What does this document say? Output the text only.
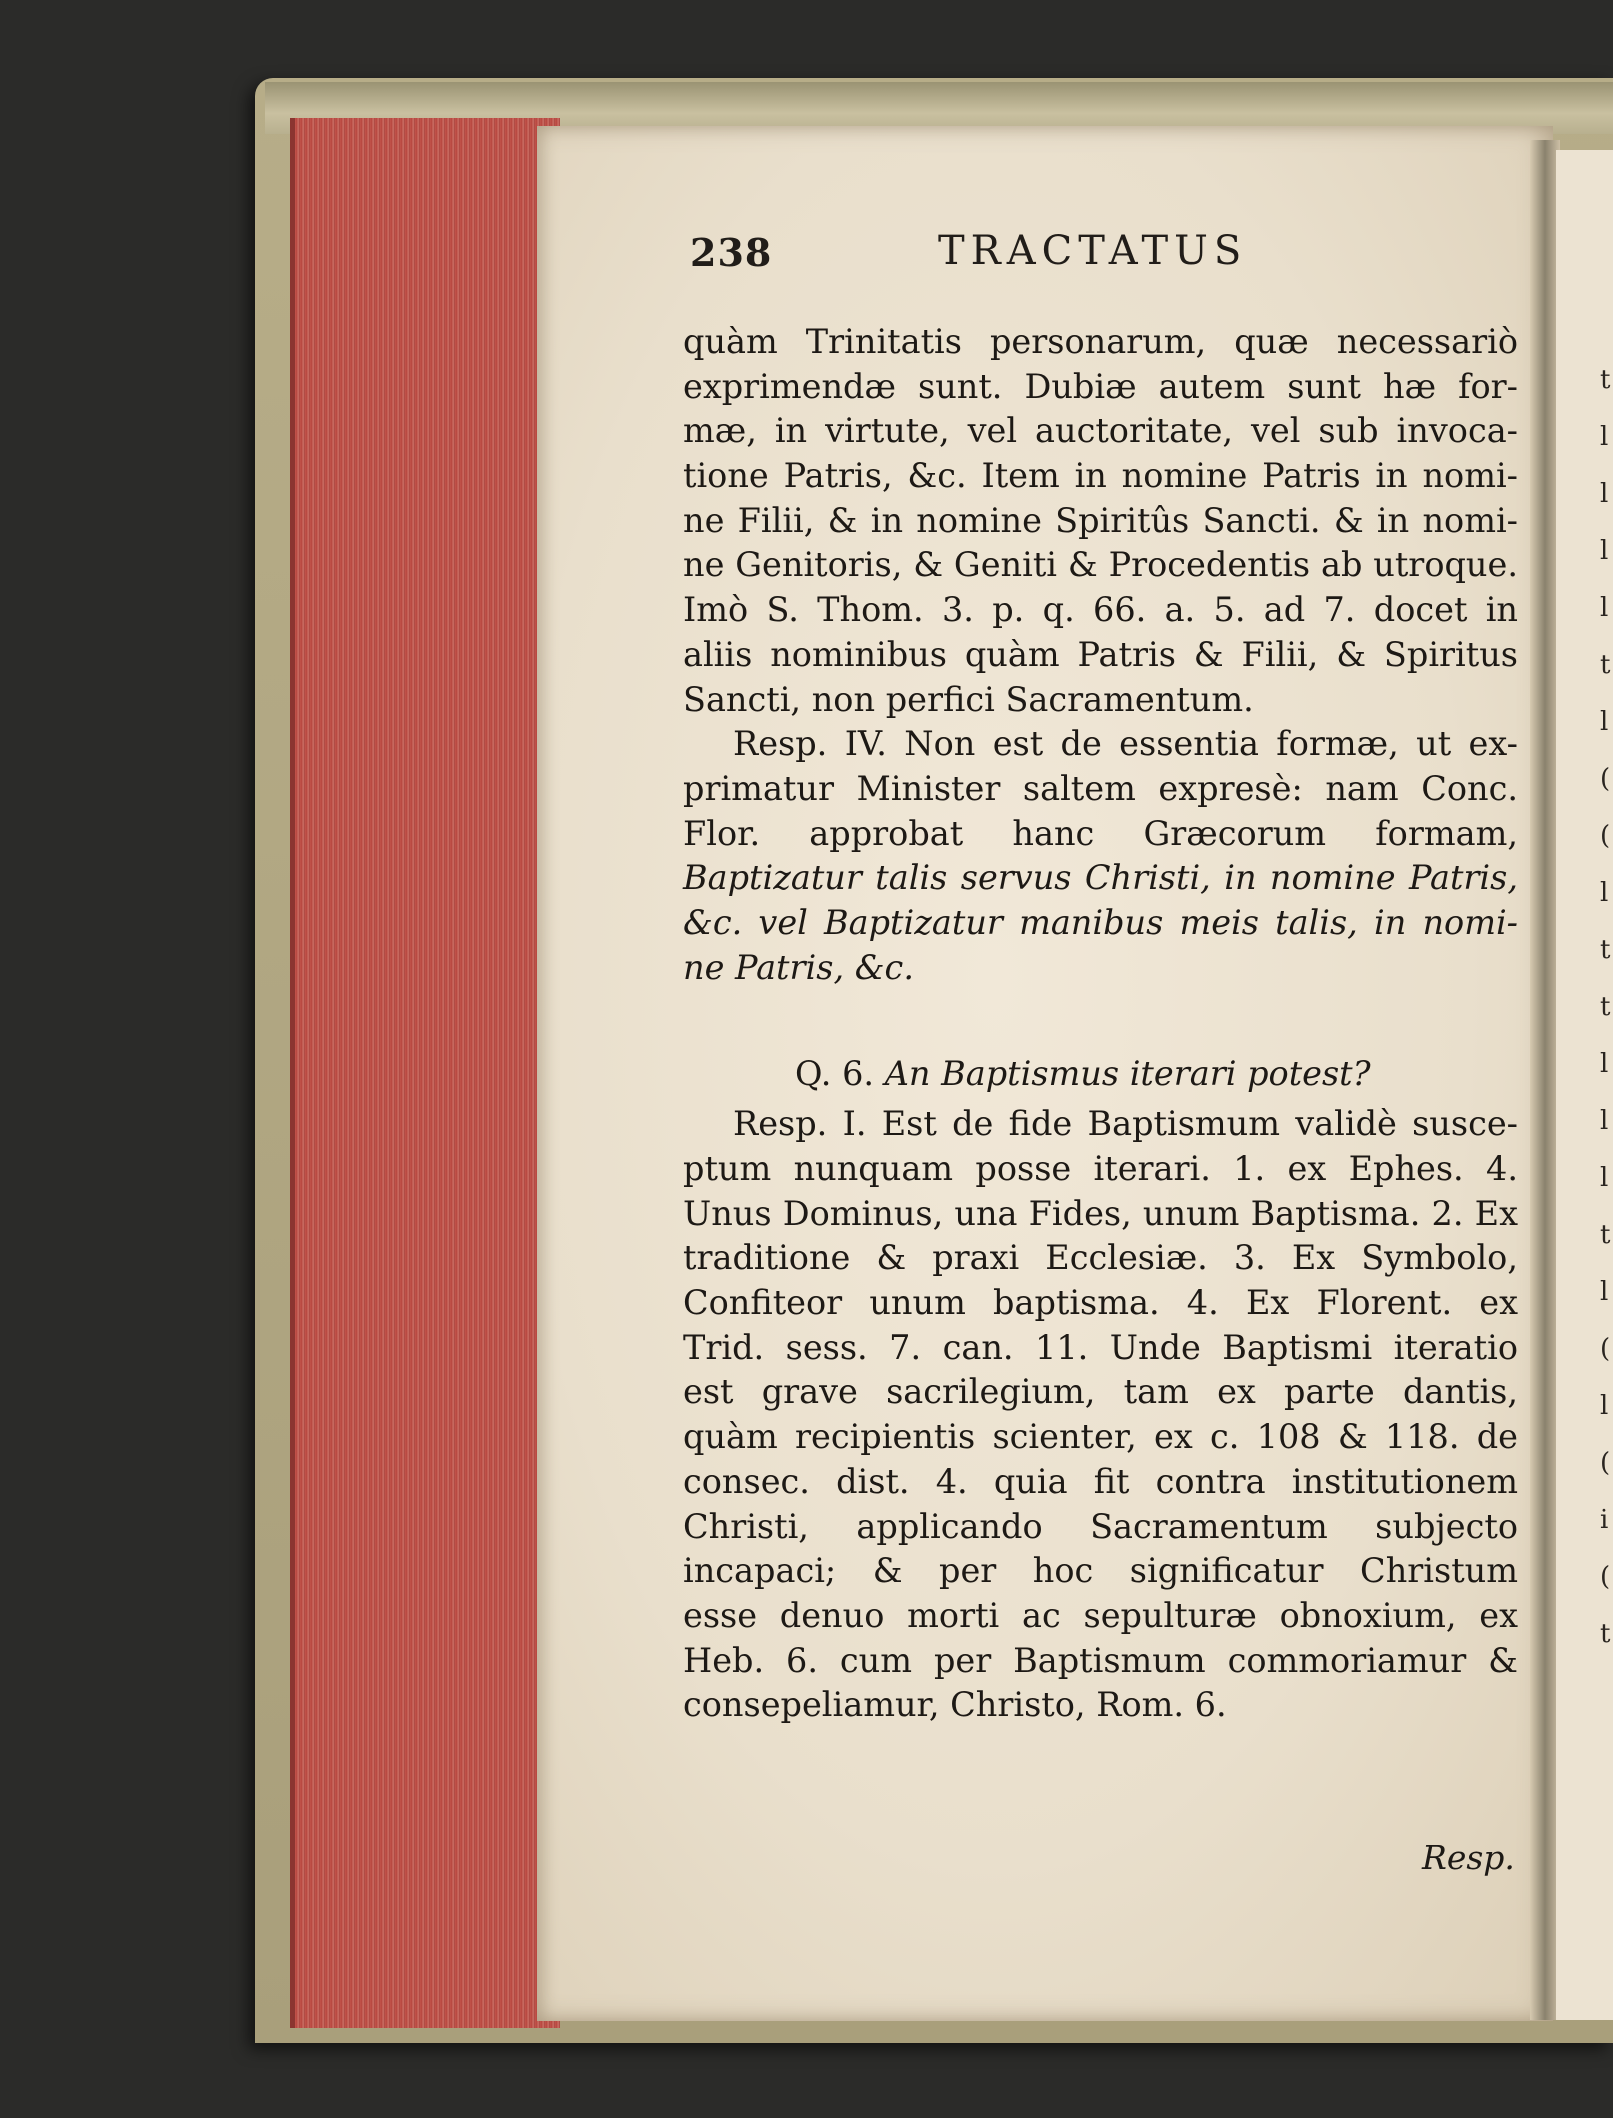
t
l
l
l
l
t
l
(
(
l
t
t
l
l
l
t
l
(
l
(
i
(
t
238	TRACTATUS
quàm Trinitatis personarum, quæ necessariò
exprimendæ sunt. Dubiæ autem sunt hæ for-
mæ, in virtute, vel auctoritate, vel sub invoca-
tione Patris, &c. Item in nomine Patris in nomi-
ne Filii, & in nomine Spiritûs Sancti. & in nomi-
ne Genitoris, & Geniti & Procedentis ab utroque.
Imò S. Thom. 3. p. q. 66. a. 5. ad 7. docet in
aliis nominibus quàm Patris & Filii, & Spiritus
Sancti, non perfici Sacramentum.
Resp. IV. Non est de essentia formæ, ut ex-
primatur Minister saltem expresè: nam Conc.
Flor. approbat hanc Græcorum formam,
Baptizatur talis servus Christi, in nomine Patris,
&c. vel Baptizatur manibus meis talis, in nomi-
ne Patris, &c.
Q. 6. An Baptismus iterari potest?
Resp. I. Est de fide Baptismum validè susce-
ptum nunquam posse iterari. 1. ex Ephes. 4.
Unus Dominus, una Fides, unum Baptisma. 2. Ex
traditione & praxi Ecclesiæ. 3. Ex Symbolo,
Confiteor unum baptisma. 4. Ex Florent. ex
Trid. sess. 7. can. 11. Unde Baptismi iteratio
est grave sacrilegium, tam ex parte dantis,
quàm recipientis scienter, ex c. 108 & 118. de
consec. dist. 4. quia fit contra institutionem
Christi, applicando Sacramentum subjecto
incapaci; & per hoc significatur Christum
esse denuo morti ac sepulturæ obnoxium, ex
Heb. 6. cum per Baptismum commoriamur &
consepeliamur, Christo, Rom. 6.
Resp.
